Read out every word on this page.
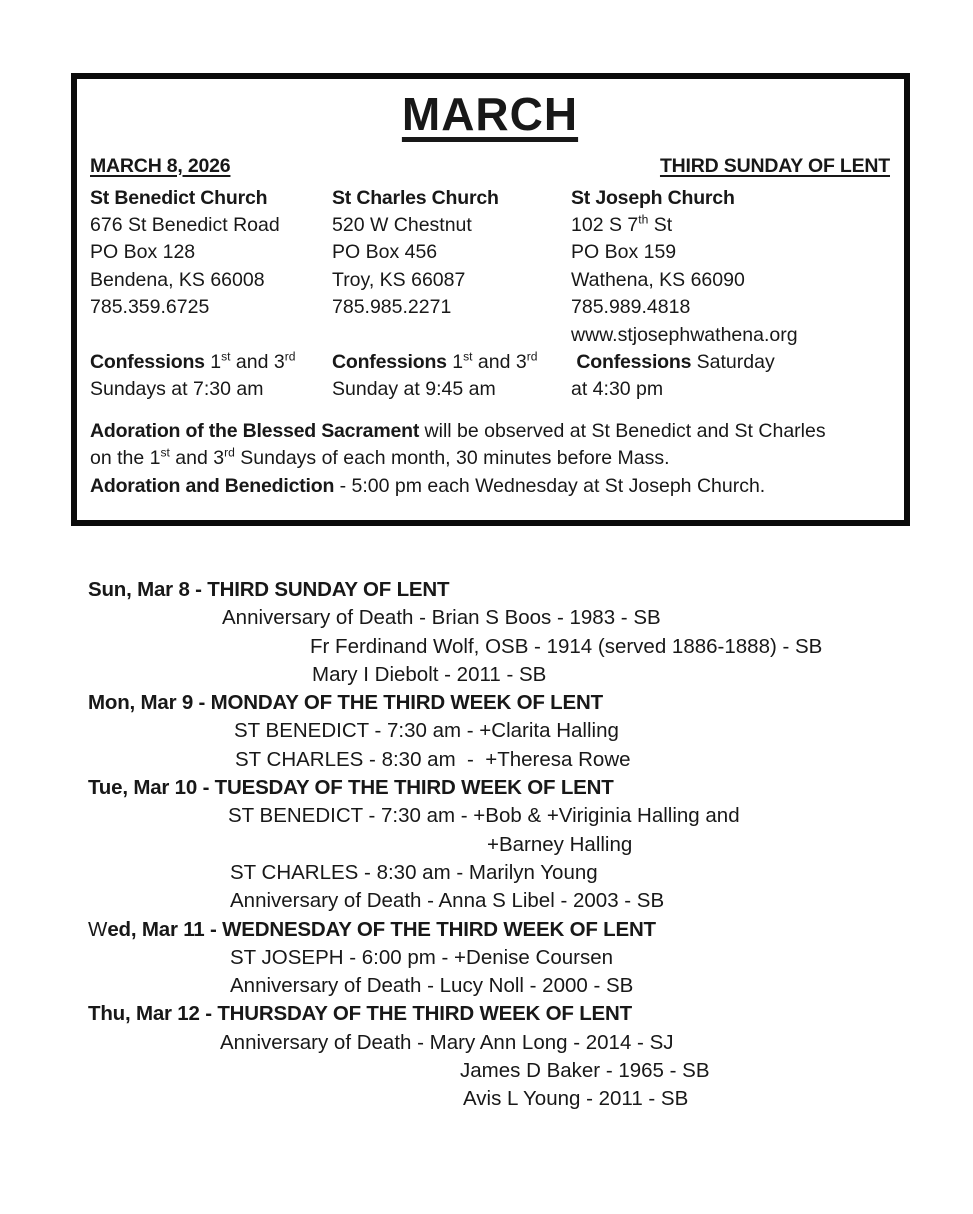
MARCH
MARCH 8, 2026	THIRD SUNDAY OF LENT
St Benedict Church
676 St Benedict Road
PO Box 128
Bendena, KS 66008
785.359.6725

Confessions 1st and 3rd
Sundays at 7:30 am
St Charles Church
520 W Chestnut
PO Box 456
Troy, KS 66087
785.985.2271

Confessions 1st and 3rd
Sunday at 9:45 am
St Joseph Church
102 S 7th St
PO Box 159
Wathena, KS 66090
785.989.4818
www.stjosephwathena.org
Confessions Saturday
at 4:30 pm
Adoration of the Blessed Sacrament will be observed at St Benedict and St Charles
on the 1st and 3rd Sundays of each month, 30 minutes before Mass.
Adoration and Benediction - 5:00 pm each Wednesday at St Joseph Church.
Sun, Mar 8 - THIRD SUNDAY OF LENT
Anniversary of Death - Brian S Boos - 1983 - SB
Fr Ferdinand Wolf, OSB - 1914 (served 1886-1888) - SB
Mary I Diebolt - 2011 - SB
Mon, Mar 9 - MONDAY OF THE THIRD WEEK OF LENT
ST BENEDICT - 7:30 am - +Clarita Halling
ST CHARLES - 8:30 am  -  +Theresa Rowe
Tue, Mar 10 - TUESDAY OF THE THIRD WEEK OF LENT
ST BENEDICT - 7:30 am - +Bob & +Viriginia Halling and
+Barney Halling
ST CHARLES - 8:30 am - Marilyn Young
Anniversary of Death - Anna S Libel - 2003 - SB
Wed, Mar 11 - WEDNESDAY OF THE THIRD WEEK OF LENT
ST JOSEPH - 6:00 pm - +Denise Coursen
Anniversary of Death - Lucy Noll - 2000 - SB
Thu, Mar 12 - THURSDAY OF THE THIRD WEEK OF LENT
Anniversary of Death - Mary Ann Long - 2014 - SJ
James D Baker - 1965 - SB
Avis L Young - 2011 - SB
